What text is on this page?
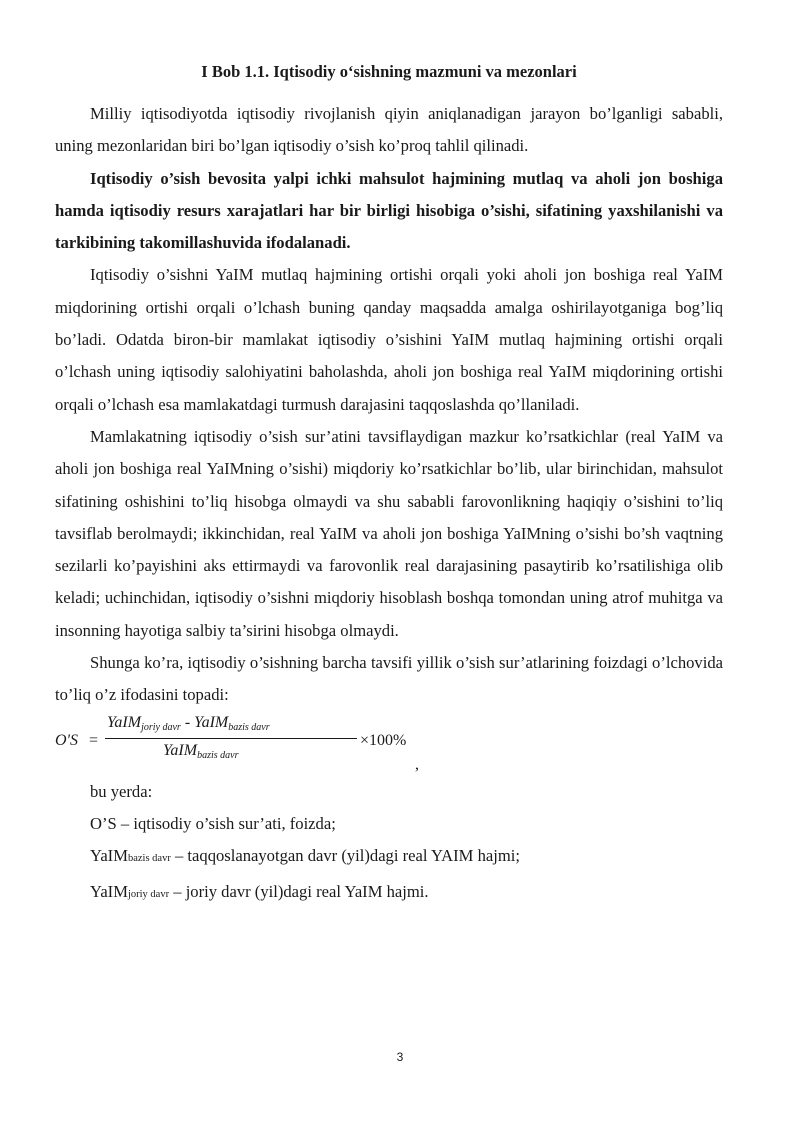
I Bob 1.1. Iqtisodiy o‘sishning mazmuni va mezonlari

Milliy iqtisodiyotda iqtisodiy rivojlanish qiyin aniqlanadigan jarayon bo’lganligi sababli, uning mezonlaridan biri bo’lgan iqtisodiy o’sish ko’proq tahlil qilinadi.

Iqtisodiy o’sish bevosita yalpi ichki mahsulot hajmining mutlaq va aholi jon boshiga hamda iqtisodiy resurs xarajatlari har bir birligi hisobiga o’sishi, sifatining yaxshilanishi va tarkibining takomillashuvida ifodalanadi.

Iqtisodiy o’sishni YaIM mutlaq hajmining ortishi orqali yoki aholi jon boshiga real YaIM miqdorining ortishi orqali o’lchash buning qanday maqsadda amalga oshirilayotganiga bog’liq bo’ladi. Odatda biron-bir mamlakat iqtisodiy o’sishini YaIM mutlaq hajmining ortishi orqali o’lchash uning iqtisodiy salohiyatini baholashda, aholi jon boshiga real YaIM miqdorining ortishi orqali o’lchash esa mamlakatdagi turmush darajasini taqqoslashda qo’llaniladi.

Mamlakatning iqtisodiy o’sish sur’atini tavsiflaydigan mazkur ko’rsatkichlar (real YaIM va aholi jon boshiga real YaIMning o’sishi) miqdoriy ko’rsatkichlar bo’lib, ular birinchidan, mahsulot sifatining oshishini to’liq hisobga olmaydi va shu sababli farovonlikning haqiqiy o’sishini to’liq tavsiflab berolmaydi; ikkinchidan, real YaIM va aholi jon boshiga YaIMning o’sishi bo’sh vaqtning sezilarli ko’payishini aks ettirmaydi va farovonlik real darajasining pasaytirib ko’rsatilishiga olib keladi; uchinchidan, iqtisodiy o’sishni miqdoriy hisoblash boshqa tomondan uning atrof muhitga va insonning hayotiga salbiy ta’sirini hisobga olmaydi.

Shunga ko’ra, iqtisodiy o’sishning barcha tavsifi yillik o’sish sur’atlarining foizdagi o’lchovida to’liq o’z ifodasini topadi:

O'S =
YaIM$_{joriy davr}$ - YaIM$_{bazis davr}$
YaIM$_{bazis davr}$
×100%
,

bu yerda:

O’S – iqtisodiy o’sish sur’ati, foizda;

YaIMbazis davr – taqqoslanayotgan davr (yil)dagi real YAIM hajmi;

YaIMjoriy davr – joriy davr (yil)dagi real YaIM hajmi.

3
